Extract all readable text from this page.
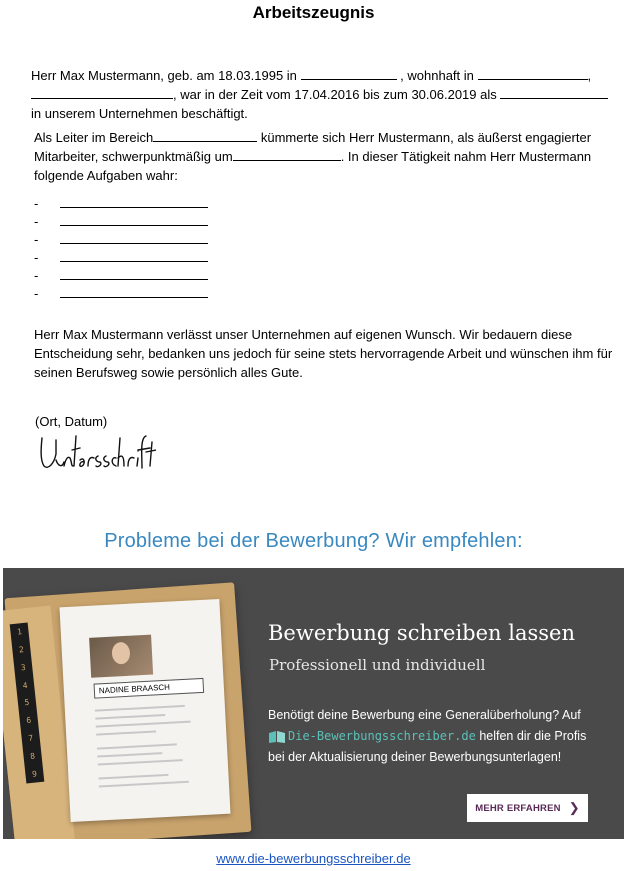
Arbeitszeugnis

Herr Max Mustermann, geb. am 18.03.1995 in	, wohnhaft in	, , war in der Zeit vom 17.04.2016 bis zum 30.06.2019 als  in unserem Unternehmen beschäftigt.

Als Leiter im Bereich	kümmerte sich Herr Mustermann, als äußerst engagierter Mitarbeiter, schwerpunktmäßig um	. In dieser Tätigkeit nahm Herr Mustermann folgende Aufgaben wahr:

-
-
-
-
-
-

Herr Max Mustermann verlässt unser Unternehmen auf eigenen Wunsch. Wir bedauern diese Entscheidung sehr, bedanken uns jedoch für seine stets hervorragende Arbeit und wünschen ihm für seinen Berufsweg sowie persönlich alles Gute.

(Ort, Datum)
Probleme bei der Bewerbung? Wir empfehlen:
1
2
3
4
5
6
7
8
9
NADINE BRAASCH
Bewerbung schreiben lassen
Professionell und individuell
Benötigt deine Bewerbung eine Generalüberholung? Auf Die-Bewerbungsschreiber.de helfen dir die Profis bei der Aktualisierung deiner Bewerbungsunterlagen!
MEHR ERFAHREN ❯
www.die-bewerbungsschreiber.de
